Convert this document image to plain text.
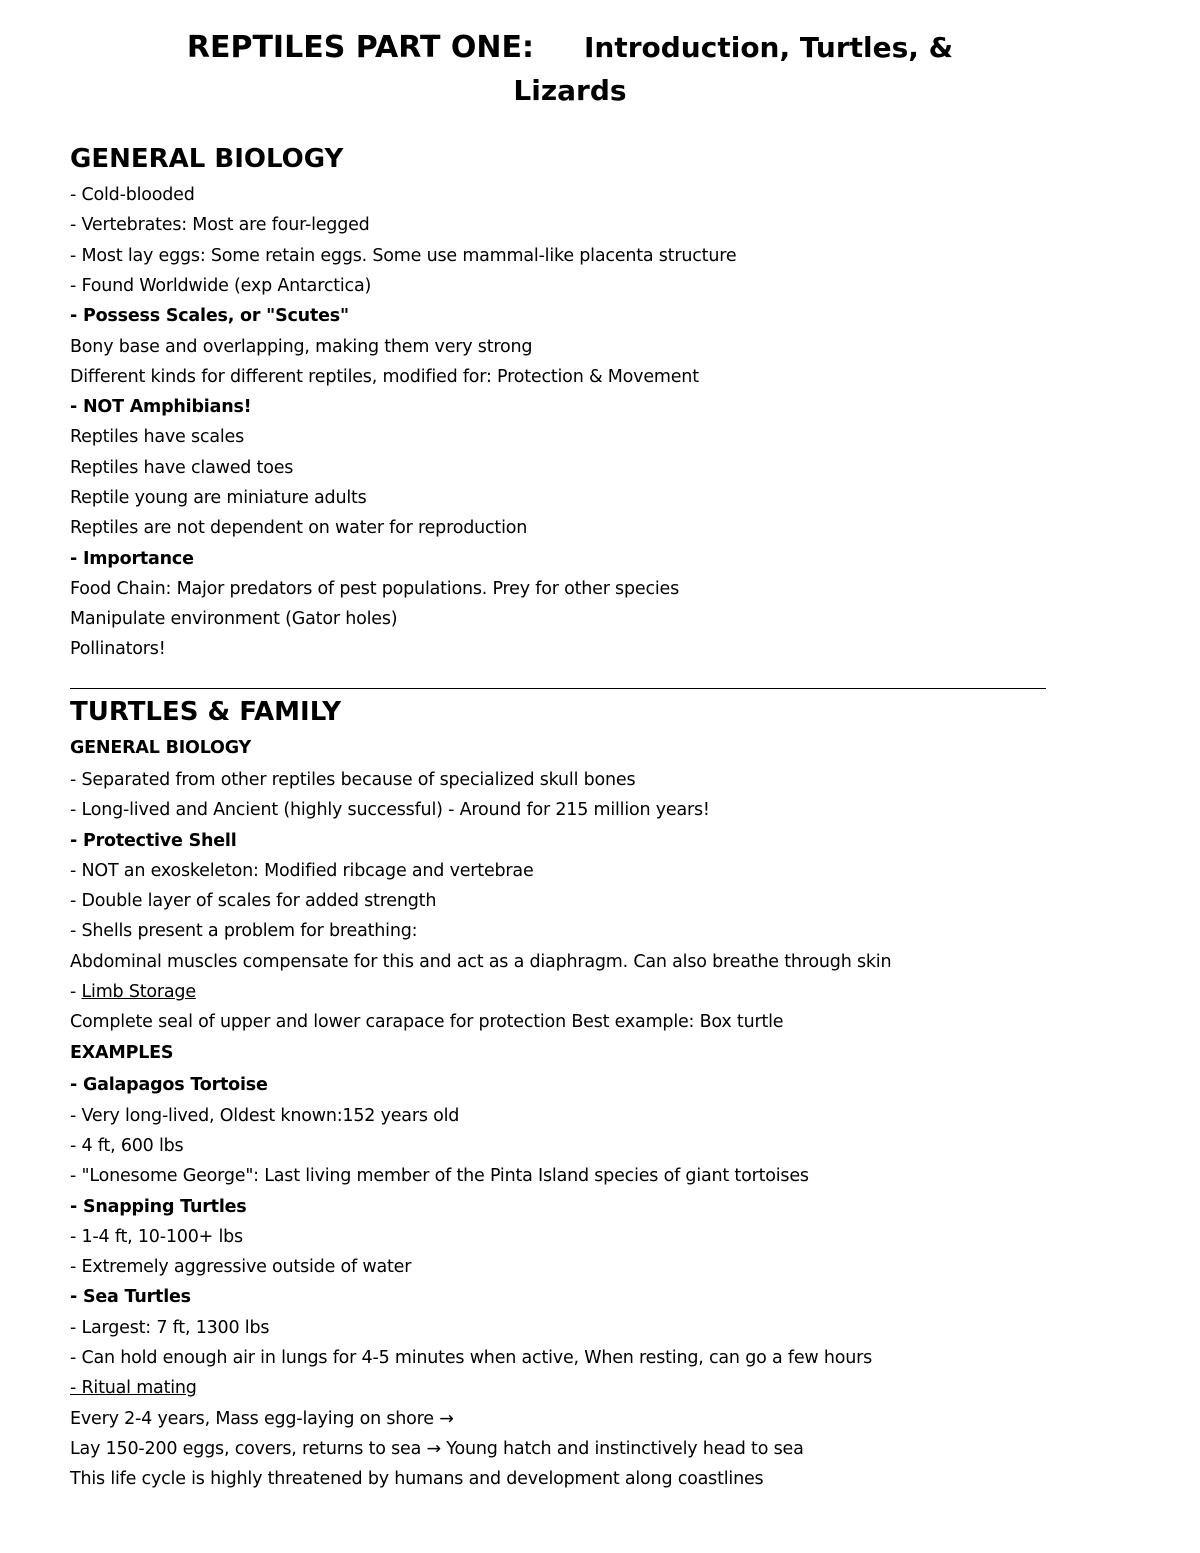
REPTILES PART ONE: Introduction, Turtles, &
Lizards
GENERAL BIOLOGY
- Cold-blooded
- Vertebrates: Most are four-legged
- Most lay eggs: Some retain eggs. Some use mammal-like placenta structure
- Found Worldwide (exp Antarctica)
- Possess Scales, or "Scutes"
Bony base and overlapping, making them very strong
Different kinds for different reptiles, modified for: Protection & Movement
- NOT Amphibians!
Reptiles have scales
Reptiles have clawed toes
Reptile young are miniature adults
Reptiles are not dependent on water for reproduction
- Importance
Food Chain: Major predators of pest populations. Prey for other species
Manipulate environment (Gator holes)
Pollinators!
TURTLES & FAMILY
GENERAL BIOLOGY
- Separated from other reptiles because of specialized skull bones
- Long-lived and Ancient (highly successful) - Around for 215 million years!
- Protective Shell
- NOT an exoskeleton: Modified ribcage and vertebrae
- Double layer of scales for added strength
- Shells present a problem for breathing:
Abdominal muscles compensate for this and act as a diaphragm. Can also breathe through skin
- Limb Storage
Complete seal of upper and lower carapace for protection Best example: Box turtle
EXAMPLES
- Galapagos Tortoise
- Very long-lived, Oldest known:152 years old
- 4 ft, 600 lbs
- "Lonesome George": Last living member of the Pinta Island species of giant tortoises
- Snapping Turtles
- 1-4 ft, 10-100+ lbs
- Extremely aggressive outside of water
- Sea Turtles
- Largest: 7 ft, 1300 lbs
- Can hold enough air in lungs for 4-5 minutes when active, When resting, can go a few hours
- Ritual mating
Every 2-4 years, Mass egg-laying on shore →
Lay 150-200 eggs, covers, returns to sea → Young hatch and instinctively head to sea
This life cycle is highly threatened by humans and development along coastlines
